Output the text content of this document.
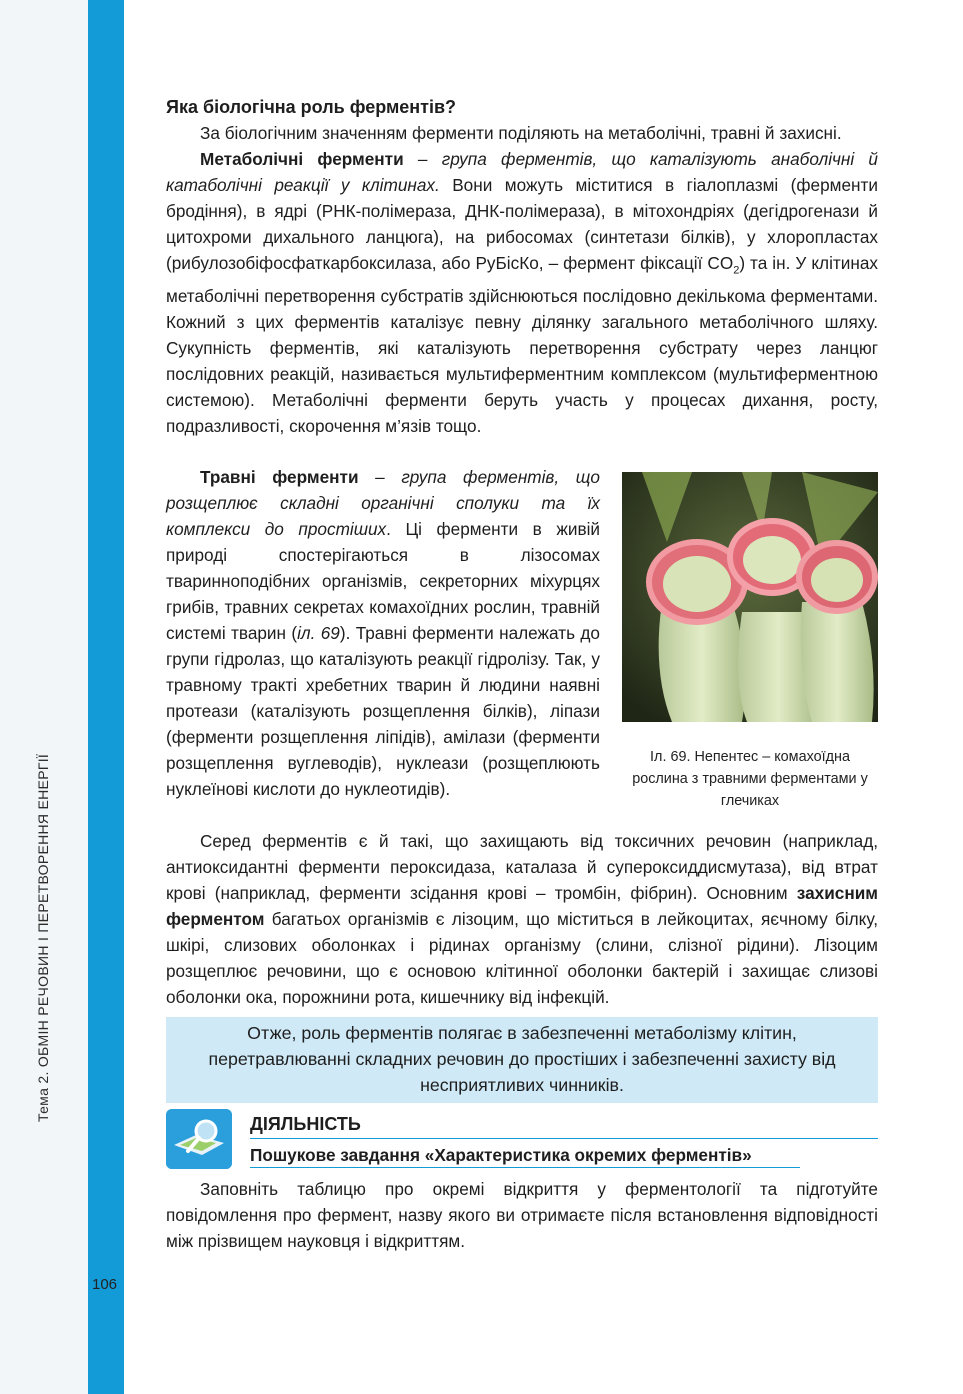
Тема 2. ОБМІН РЕЧОВИН І ПЕРЕТВОРЕННЯ ЕНЕРГІЇ
106
Яка біологічна роль ферментів?

За біологічним значенням ферменти поділяють на метаболічні, травні й захисні.

Метаболічні ферменти – група ферментів, що каталізують анаболічні й катаболічні реакції у клітинах. Вони можуть міститися в гіалоплазмі (ферменти бродіння), в ядрі (РНК-полімераза, ДНК-полімераза), в мітохондріях (дегідрогенази й цитохроми дихального ланцюга), на рибосомах (синтетази білків), у хлоропластах (рибулозобіфосфаткарбоксилаза, або РуБісКо, – фермент фіксації $CO_2$) та ін. У клітинах метаболічні перетворення субстратів здійснюються послідовно декількома ферментами. Кожний з цих ферментів каталізує певну ділянку загального метаболічного шляху. Сукупність ферментів, які каталізують перетворення субстрату через ланцюг послідовних реакцій, називається мультиферментним комплексом (мультиферментною системою). Метаболічні ферменти беруть участь у процесах дихання, росту, подразливості, скорочення м’язів тощо.

Травні ферменти – група ферментів, що розщеплює складні органічні сполуки та їх комплекси до простіших. Ці ферменти в живій природі спостерігаються в лізосомах тваринноподібних організмів, секреторних міхурцях грибів, травних секретах комахоїдних рослин, травній системі тварин (іл. 69). Травні ферменти належать до групи гідролаз, що каталізують реакції гідролізу. Так, у травному тракті хребетних тварин й людини наявні протеази (каталізують розщеплення білків), ліпази (ферменти розщеплення ліпідів), амілази (ферменти розщеплення вуглеводів), нуклеази (розщеплюють нуклеїнові кислоти до нуклеотидів).

Іл. 69. Непентес – комахоїдна рослина з травними ферментами у глечиках

Серед ферментів є й такі, що захищають від токсичних речовин (наприклад, антиоксидантні ферменти пероксидаза, каталаза й супероксиддисмутаза), від втрат крові (наприклад, ферменти зсідання крові – тромбін, фібрин). Основним захисним ферментом багатьох організмів є лізоцим, що міститься в лейкоцитах, яєчному білку, шкірі, слизових оболонках і рідинах організму (слини, слізної рідини). Лізоцим розщеплює речовини, що є основою клітинної оболонки бактерій і захищає слизові оболонки ока, порожнини рота, кишечнику від інфекцій.

Отже, роль ферментів полягає в забезпеченні метаболізму клітин, перетравлюванні складних речовин до простіших і забезпеченні захисту від несприятливих чинників.
ДІЯЛЬНІСТЬ
Пошукове завдання «Характеристика окремих ферментів»

Заповніть таблицю про окремі відкриття у ферментології та підготуйте повідомлення про фермент, назву якого ви отримаєте після встановлення відповідності між прізвищем науковця і відкриттям.
